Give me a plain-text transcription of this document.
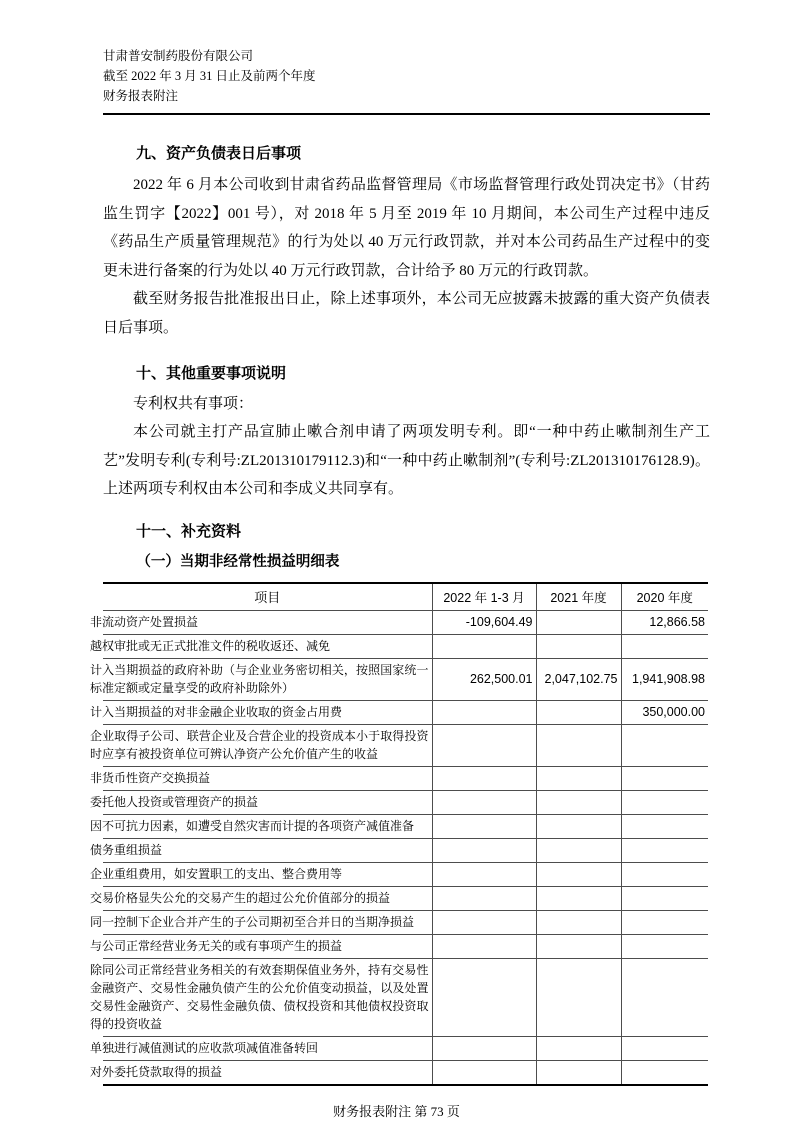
甘肃普安制药股份有限公司
截至 2022 年 3 月 31 日止及前两个年度
财务报表附注
九、资产负债表日后事项

2022 年 6 月本公司收到甘肃省药品监督管理局《市场监督管理行政处罚决定书》（甘药监生罚字【2022】001 号），对 2018 年 5 月至 2019 年 10 月期间，本公司生产过程中违反《药品生产质量管理规范》的行为处以 40 万元行政罚款，并对本公司药品生产过程中的变更未进行备案的行为处以 40 万元行政罚款，合计给予 80 万元的行政罚款。

截至财务报告批准报出日止，除上述事项外，本公司无应披露未披露的重大资产负债表日后事项。

十、其他重要事项说明

专利权共有事项：

本公司就主打产品宣肺止嗽合剂申请了两项发明专利。即“一种中药止嗽制剂生产工艺”发明专利(专利号:ZL201310179112.3)和“一种中药止嗽制剂”(专利号:ZL201310176128.9)。上述两项专利权由本公司和李成义共同享有。

十一、补充资料
（一）当期非经常性损益明细表
项目	2022 年 1-3 月	2021 年度	2020 年度

非流动资产处置损益	-109,604.49		12,866.58

越权审批或无正式批准文件的税收返还、减免			

计入当期损益的政府补助（与企业业务密切相关，按照国家统一标准定额或定量享受的政府补助除外）	262,500.01	2,047,102.75	1,941,908.98

计入当期损益的对非金融企业收取的资金占用费			350,000.00

企业取得子公司、联营企业及合营企业的投资成本小于取得投资时应享有被投资单位可辨认净资产公允价值产生的收益			

非货币性资产交换损益			

委托他人投资或管理资产的损益			

因不可抗力因素，如遭受自然灾害而计提的各项资产减值准备			

债务重组损益			

企业重组费用，如安置职工的支出、整合费用等			

交易价格显失公允的交易产生的超过公允价值部分的损益			

同一控制下企业合并产生的子公司期初至合并日的当期净损益			

与公司正常经营业务无关的或有事项产生的损益			

除同公司正常经营业务相关的有效套期保值业务外，持有交易性金融资产、交易性金融负债产生的公允价值变动损益，以及处置交易性金融资产、交易性金融负债、债权投资和其他债权投资取得的投资收益			

单独进行减值测试的应收款项减值准备转回			

对外委托贷款取得的损益			

财务报表附注 第 73 页
